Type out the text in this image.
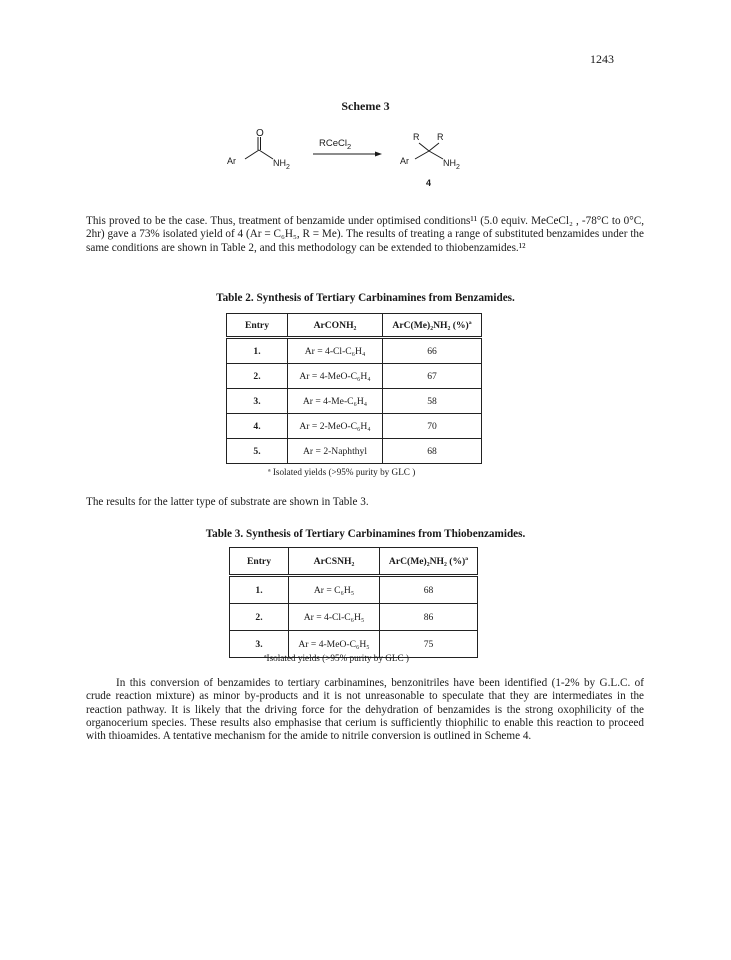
1243
Scheme 3
O
Ar	$NH_2$
RCeCl$_2$
R R
Ar	$NH_2$
4
This proved to be the case. Thus, treatment of benzamide under optimised conditions¹¹ (5.0 equiv. MeCeCl₂ , -78°C to 0°C, 2hr) gave a 73% isolated yield of 4 (Ar = C₆H₅, R = Me). The results of treating a range of substituted benzamides under the same conditions are shown in Table 2, and this methodology can be extended to thiobenzamides.¹²
Table 2. Synthesis of Tertiary Carbinamines from Benzamides.
Entry	ArCONH₂	ArC(Me)₂NH₂ (%)ª
1.	Ar = 4-Cl-C₆H₄	66
2.	Ar = 4-MeO-C₆H₄	67
3.	Ar = 4-Me-C₆H₄	58
4.	Ar = 2-MeO-C₆H₄	70
5.	Ar = 2-Naphthyl	68
ª Isolated yields (>95% purity by GLC )
The results for the latter type of substrate are shown in Table 3.
Table 3. Synthesis of Tertiary Carbinamines from Thiobenzamides.
Entry	ArCSNH₂	ArC(Me)₂NH₂ (%)ª
1.	Ar = C₆H₅	68
2.	Ar = 4-Cl-C₆H₅	86
3.	Ar = 4-MeO-C₆H₅	75
ªIsolated yields (>95% purity by GLC )
In this conversion of benzamides to tertiary carbinamines, benzonitriles have been identified (1-2% by G.L.C. of crude reaction mixture) as minor by-products and it is not unreasonable to speculate that they are intermediates in the reaction pathway. It is likely that the driving force for the dehydration of benzamides is the strong oxophilicity of the organocerium species. These results also emphasise that cerium is sufficiently thiophilic to enable this reaction to proceed with thioamides. A tentative mechanism for the amide to nitrile conversion is outlined in Scheme 4.
